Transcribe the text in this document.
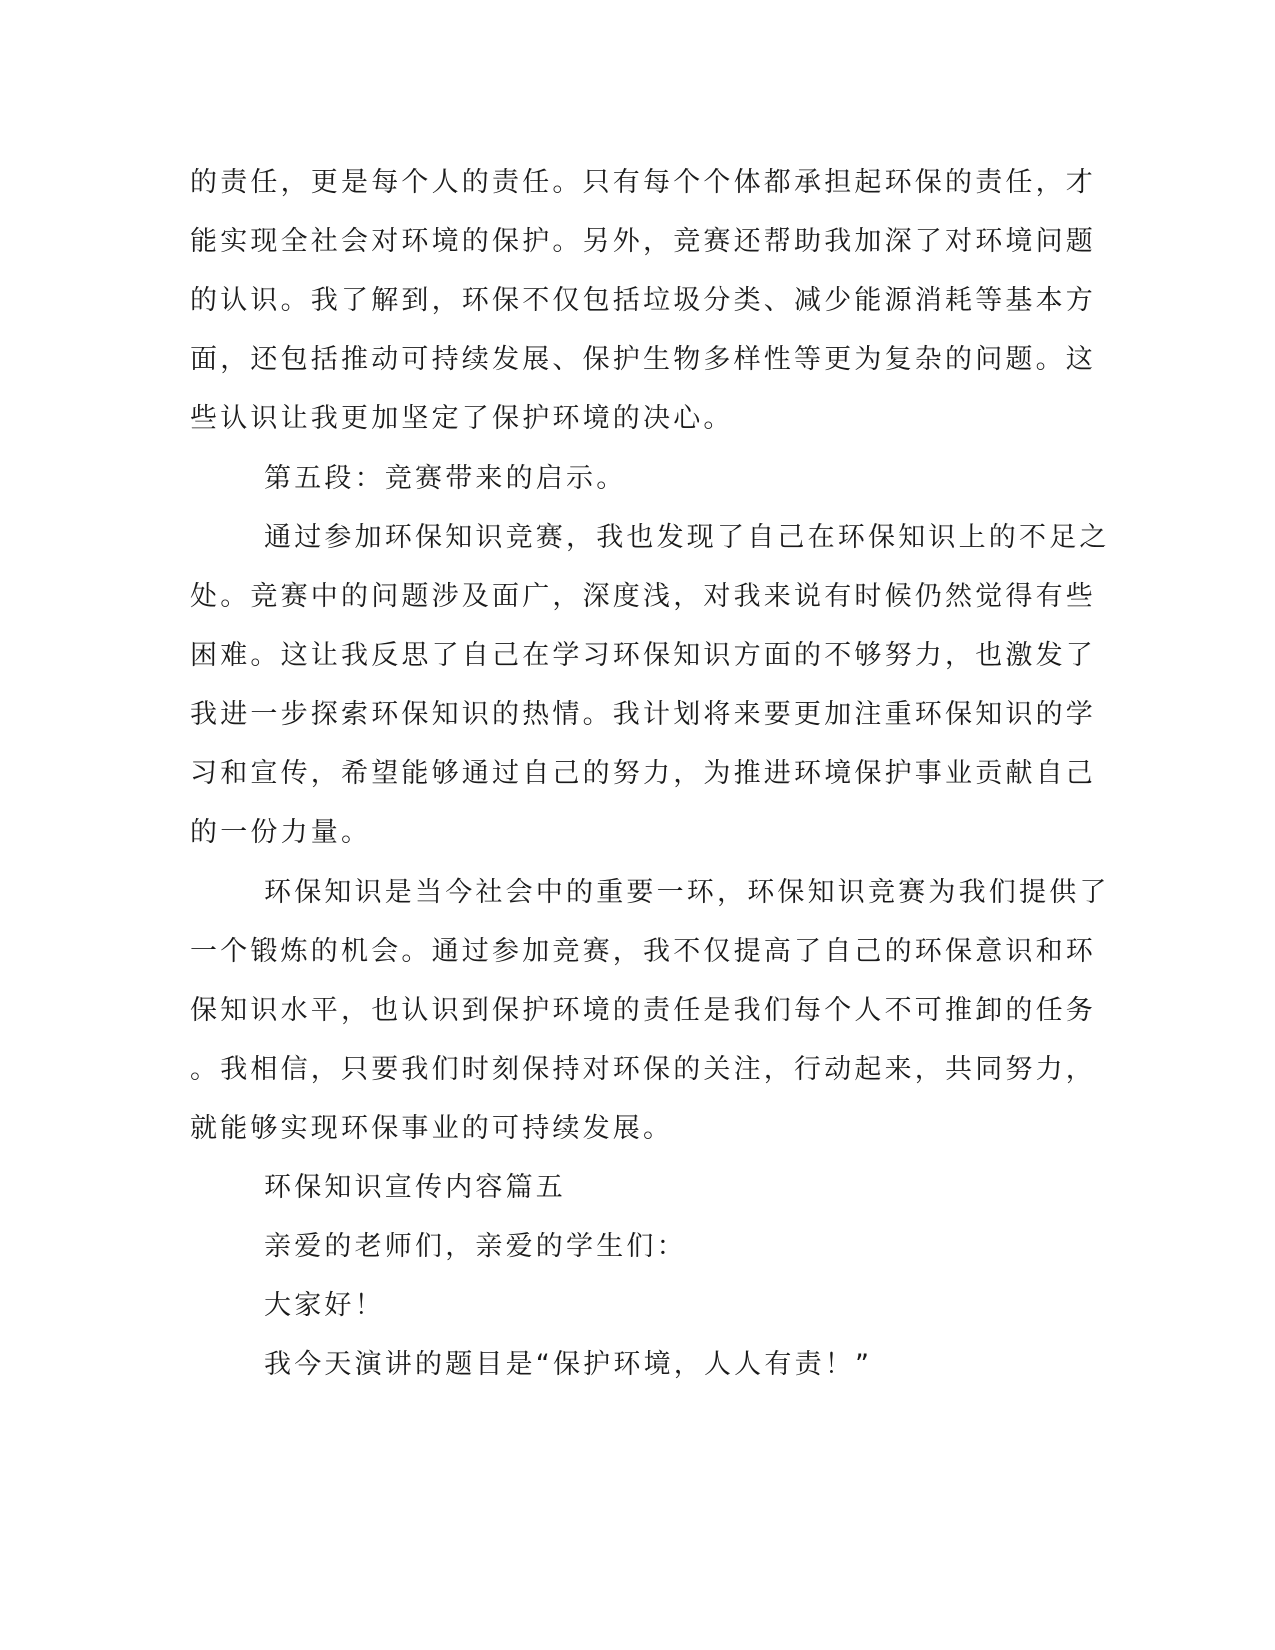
的责任，更是每个人的责任。只有每个个体都承担起环保的责任，才
能实现全社会对环境的保护。另外，竞赛还帮助我加深了对环境问题
的认识。我了解到，环保不仅包括垃圾分类、减少能源消耗等基本方
面，还包括推动可持续发展、保护生物多样性等更为复杂的问题。这
些认识让我更加坚定了保护环境的决心。
第五段：竞赛带来的启示。
通过参加环保知识竞赛，我也发现了自己在环保知识上的不足之
处。竞赛中的问题涉及面广，深度浅，对我来说有时候仍然觉得有些
困难。这让我反思了自己在学习环保知识方面的不够努力，也激发了
我进一步探索环保知识的热情。我计划将来要更加注重环保知识的学
习和宣传，希望能够通过自己的努力，为推进环境保护事业贡献自己
的一份力量。
环保知识是当今社会中的重要一环，环保知识竞赛为我们提供了
一个锻炼的机会。通过参加竞赛，我不仅提高了自己的环保意识和环
保知识水平，也认识到保护环境的责任是我们每个人不可推卸的任务
。我相信，只要我们时刻保持对环保的关注，行动起来，共同努力，
就能够实现环保事业的可持续发展。
环保知识宣传内容篇五
亲爱的老师们，亲爱的学生们：
大家好！
我今天演讲的题目是“保护环境，人人有责！”
